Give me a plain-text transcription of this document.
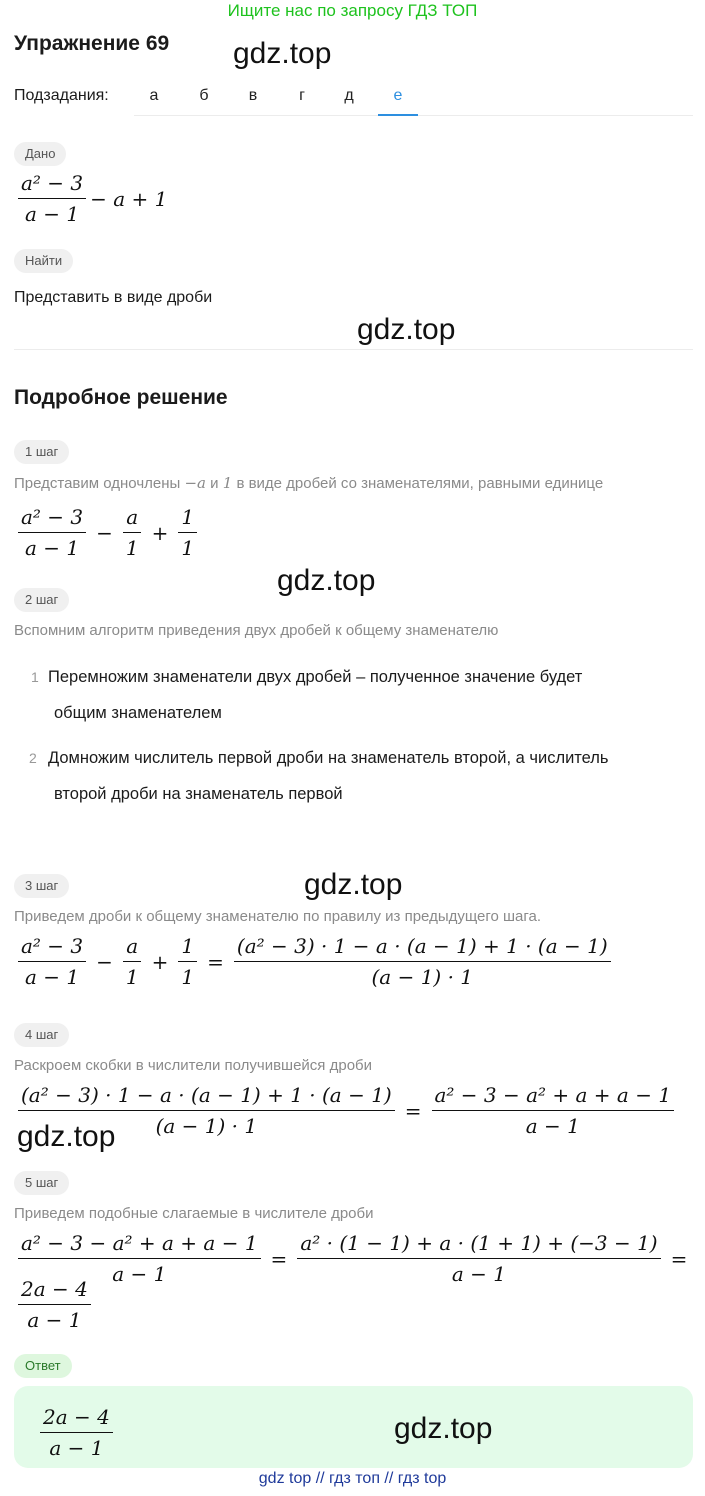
Ищите нас по запросу ГДЗ ТОП
Упражнение 69 gdz.top
Подзадания:	а	б	в	г	д	е
Дано
$\frac{\text{a² − 3}}{a - 1} - a + 1$
Найти
Представить в виде дроби
gdz.top
Подробное решение
1 шаг
Представим одночлены −a и 1 в виде дробей со знаменателями, равными единице
$\frac{\text{a² − 3}}{a - 1} - \frac{a}{1} + \frac{1}{1}$
gdz.top
2 шаг
Вспомним алгоритм приведения двух дробей к общему знаменателю
1 Перемножим знаменатели двух дробей – полученное значение будет
общим знаменателем
2 Домножим числитель первой дроби на знаменатель второй, а числитель
второй дроби на знаменатель первой
3 шаг	gdz.top
Приведем дроби к общему знаменателю по правилу из предыдущего шага.
$\frac{\text{a² − 3}}{a - 1} - \frac{a}{1} + \frac{1}{1} = \frac{\text{(a² − 3) · 1 − a · (a − 1) + 1 · (a − 1)}}{(a - 1) \cdot 1}$
4 шаг
Раскроем скобки в числители получившейся дроби
$\frac{\text{(a² − 3) · 1 − a · (a − 1) + 1 · (a − 1)}}{(a - 1) \cdot 1} = \frac{\text{a² − 3 − a² + a + a − 1}}{a - 1}$
gdz.top
5 шаг
Приведем подобные слагаемые в числителе дроби
$\frac{\text{a² − 3 − a² + a + a − 1}}{a - 1} = \frac{\text{a² · (1 − 1) + a · (1 + 1) + (−3 − 1)}}{a - 1}$ =
$\frac{2a - 4}{a - 1}$
Ответ
$\frac{2a - 4}{a - 1}$	gdz.top
gdz top // гдз топ // гдз top
